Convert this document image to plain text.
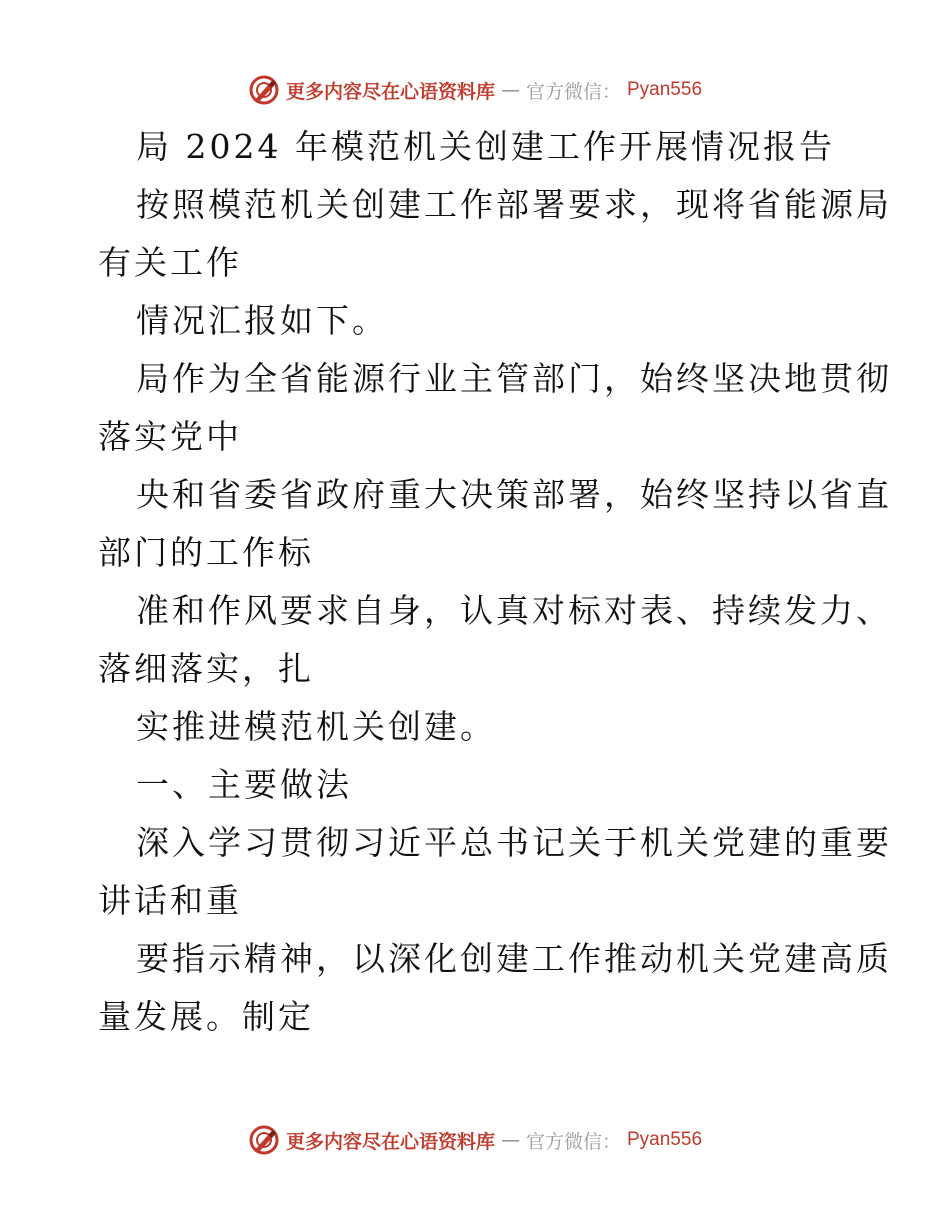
更多内容尽在心语资料库 — 官方微信： Pyan556
局 2024 年模范机关创建工作开展情况报告
按照模范机关创建工作部署要求，现将省能源局
有关工作
情况汇报如下。
局作为全省能源行业主管部门，始终坚决地贯彻
落实党中
央和省委省政府重大决策部署，始终坚持以省直
部门的工作标
准和作风要求自身，认真对标对表、持续发力、
落细落实，扎
实推进模范机关创建。
一、主要做法
深入学习贯彻习近平总书记关于机关党建的重要
讲话和重
要指示精神，以深化创建工作推动机关党建高质
量发展。制定
更多内容尽在心语资料库 — 官方微信： Pyan556
